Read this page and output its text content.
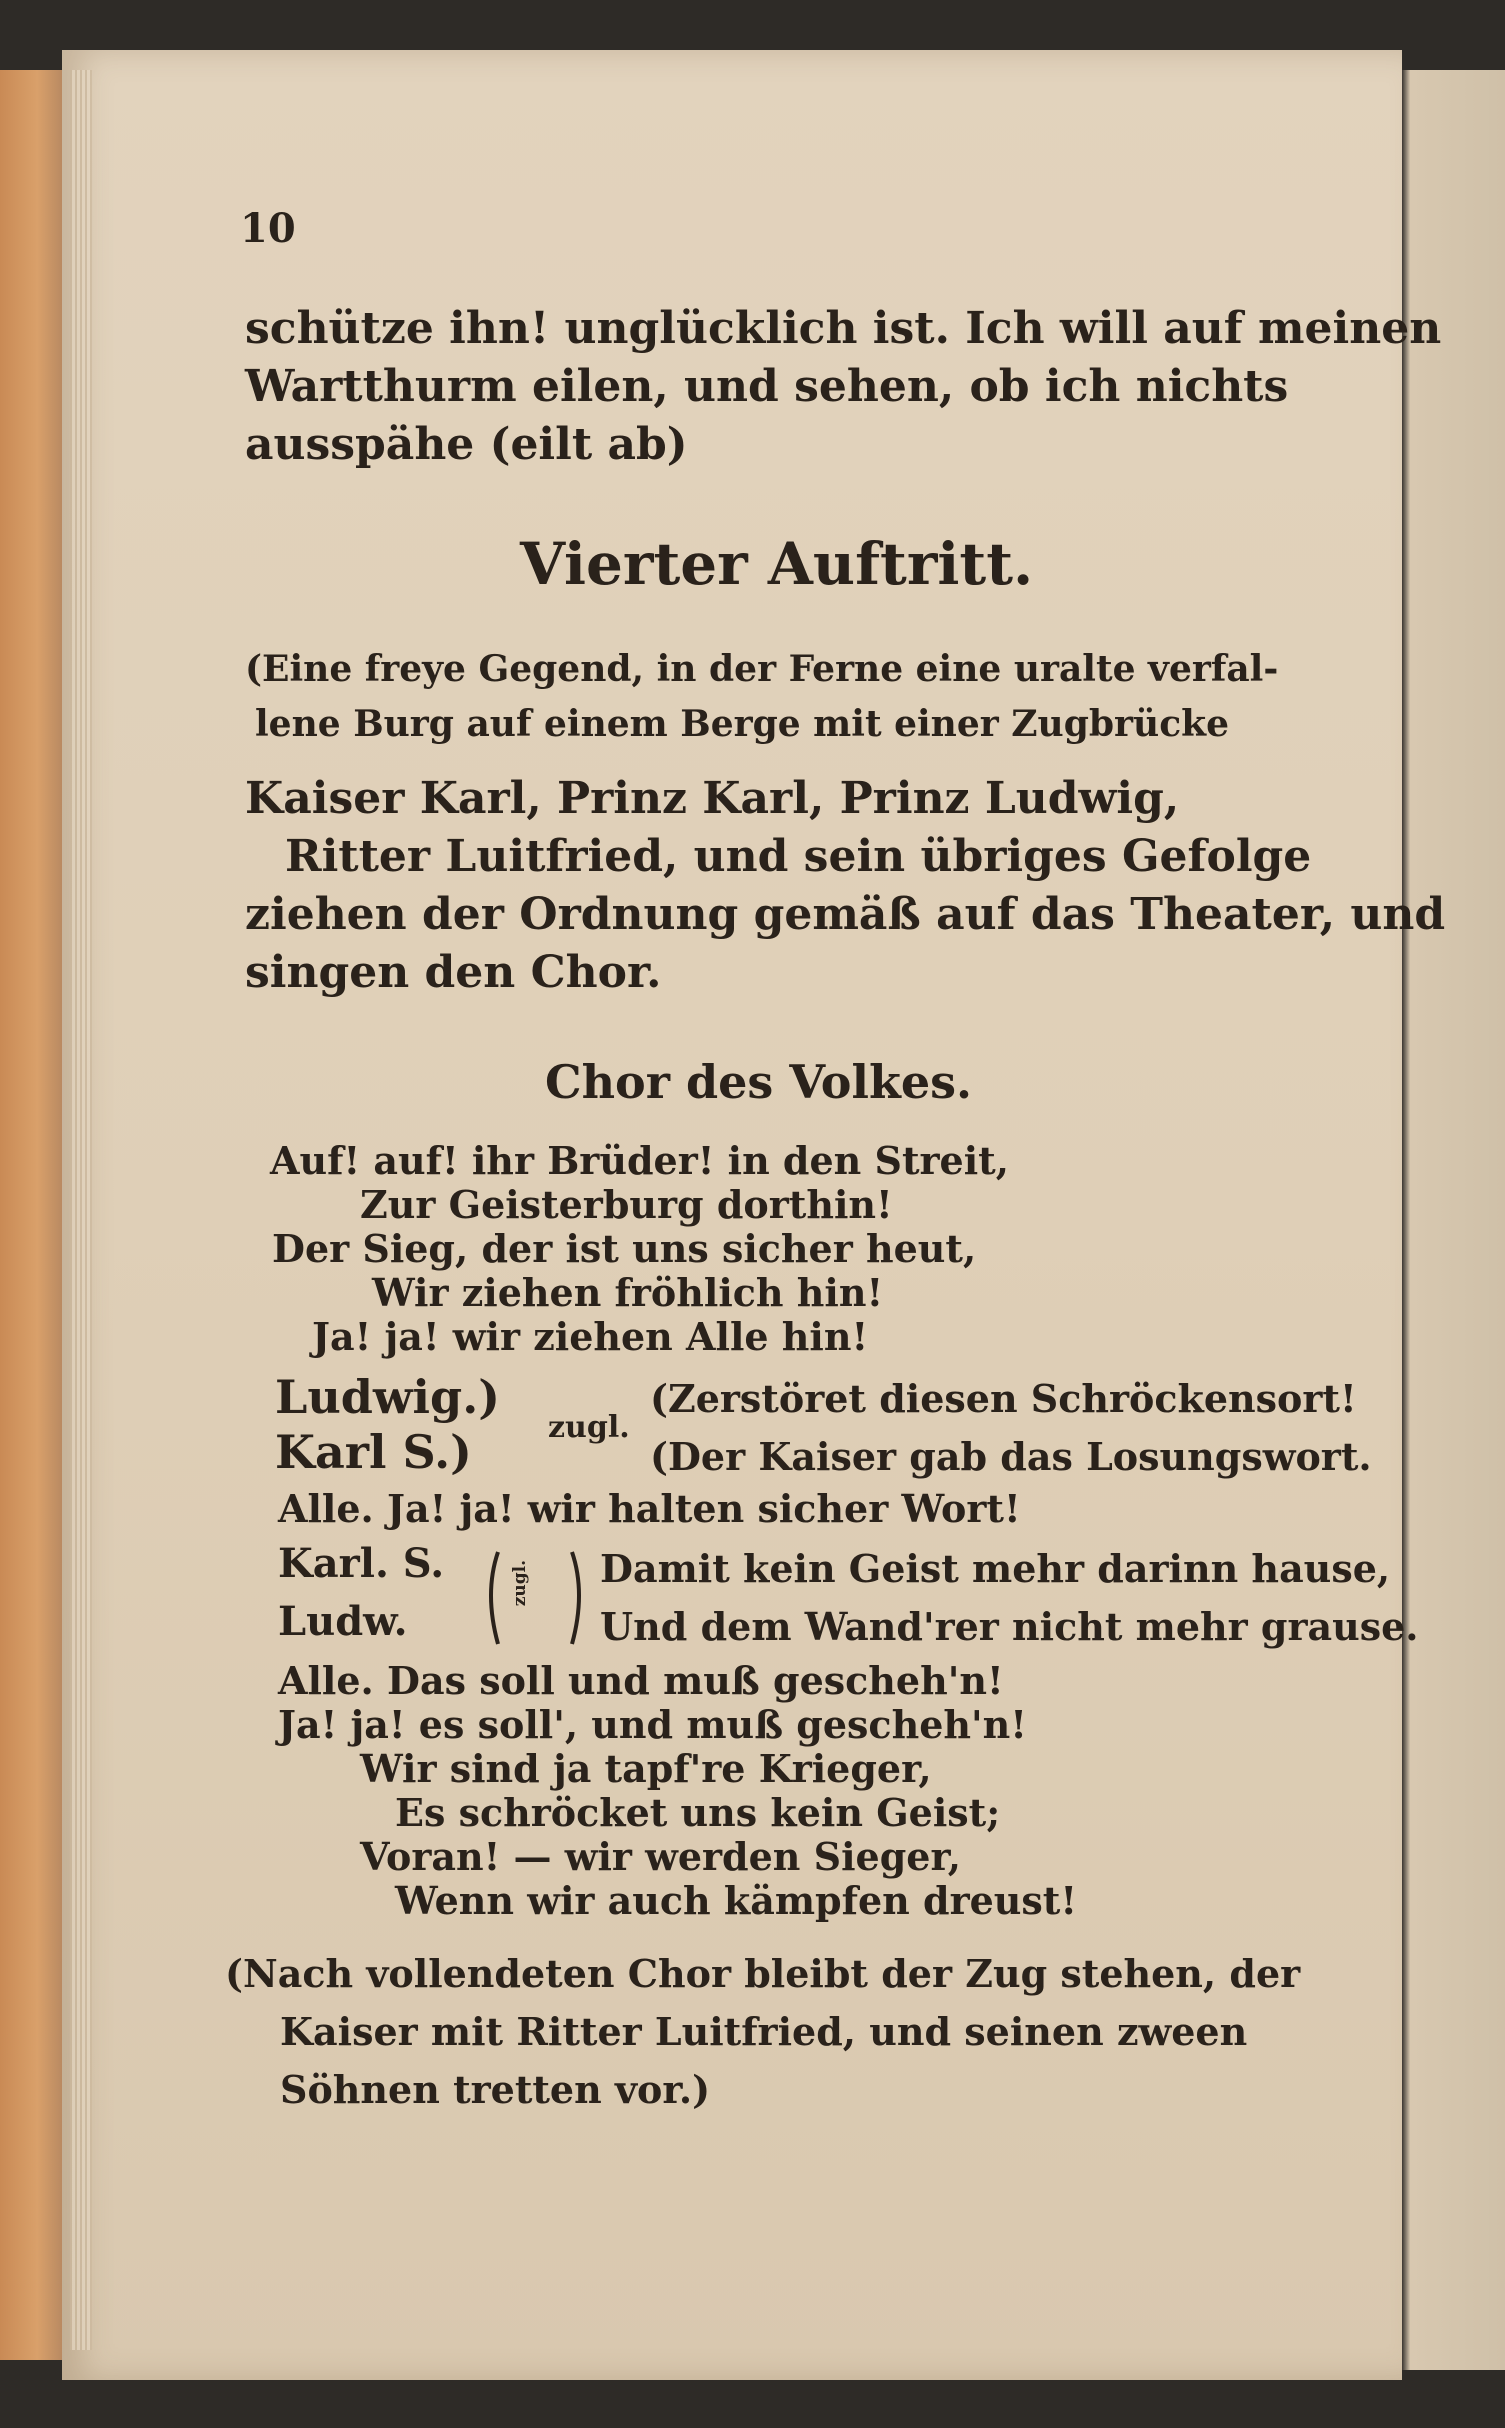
10
schütze ihn! unglücklich ist. Ich will auf meinen
Wartthurm eilen, und sehen, ob ich nichts
ausspähe (eilt ab)
Vierter Auftritt.
(Eine freye Gegend, in der Ferne eine uralte verfal-
lene Burg auf einem Berge mit einer Zugbrücke
Kaiser Karl, Prinz Karl, Prinz Ludwig,
Ritter Luitfried, und sein übriges Gefolge
ziehen der Ordnung gemäß auf das Theater, und
singen den Chor.
Chor des Volkes.
Auf! auf! ihr Brüder! in den Streit,
Zur Geisterburg dorthin!
Der Sieg, der ist uns sicher heut,
Wir ziehen fröhlich hin!
Ja! ja! wir ziehen Alle hin!
Ludwig.)
Karl S.)	zugl.
(Zerstöret diesen Schröckensort!
(Der Kaiser gab das Losungswort.
Alle. Ja! ja! wir halten sicher Wort!
Karl. S.
Ludw.
zugl. Damit kein Geist mehr darinn hause,
Und dem Wand'rer nicht mehr grause.
Alle. Das soll und muß gescheh'n!
Ja! ja! es soll', und muß gescheh'n!
Wir sind ja tapf're Krieger,
Es schröcket uns kein Geist;
Voran! — wir werden Sieger,
Wenn wir auch kämpfen dreust!
(Nach vollendeten Chor bleibt der Zug stehen, der
Kaiser mit Ritter Luitfried, und seinen zween
Söhnen tretten vor.)
